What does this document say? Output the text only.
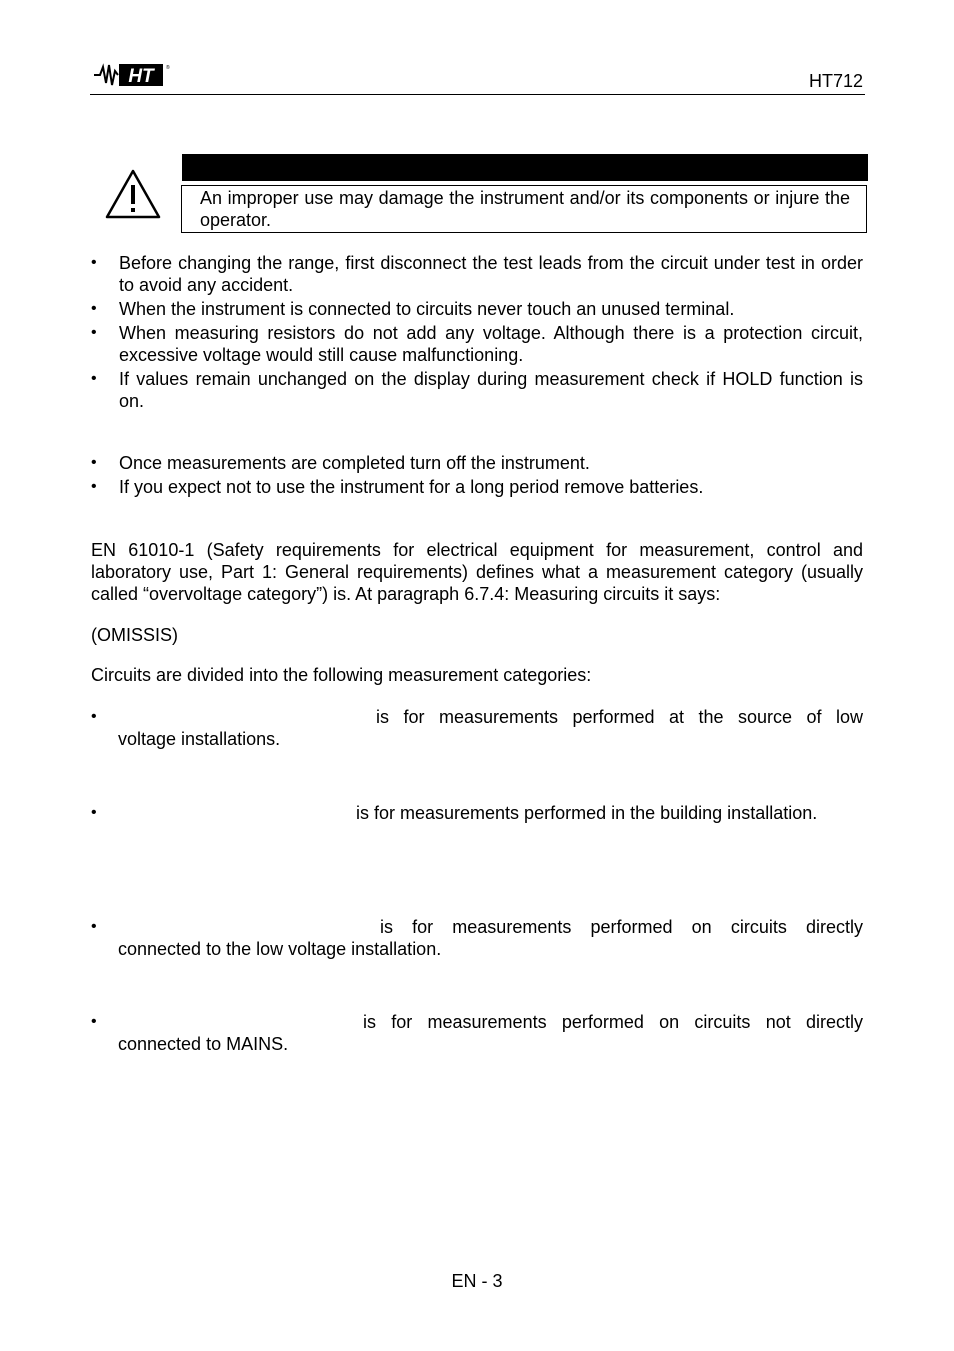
HT ®
HT712
An improper use may damage the instrument and/or its components or injure the operator.
• Before changing the range, first disconnect the test leads from the circuit under test in order to avoid any accident.
• When the instrument is connected to circuits never touch an unused terminal.
• When measuring resistors do not add any voltage. Although there is a protection circuit, excessive voltage would still cause malfunctioning.
• If values remain unchanged on the display during measurement check if HOLD function is on.
• Once measurements are completed turn off the instrument.
• If you expect not to use the instrument for a long period remove batteries.
EN 61010-1 (Safety requirements for electrical equipment for measurement, control and laboratory use, Part 1: General requirements) defines what a measurement category (usually called “overvoltage category”) is. At paragraph 6.7.4: Measuring circuits it says:
(OMISSIS)
Circuits are divided into the following measurement categories:
•	is for measurements performed at the source of low
voltage installations.
•	is for measurements performed in the building installation.
•	is for measurements performed on circuits directly
connected to the low voltage installation.
•	is for measurements performed on circuits not directly
connected to MAINS.
EN - 3
